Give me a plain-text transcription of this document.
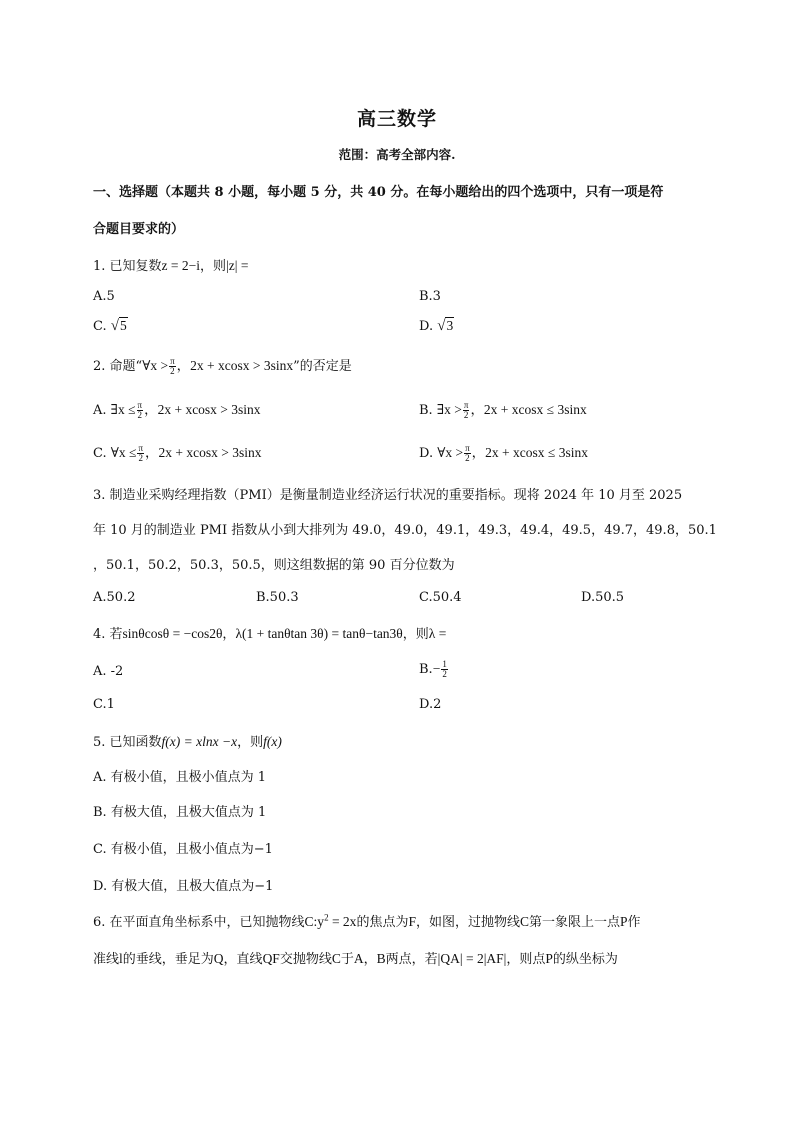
高三数学
范围：高考全部内容.
一、选择题（本题共 8 小题，每小题 5 分，共 40 分。在每小题给出的四个选项中，只有一项是符
合题目要求的）
1. 已知复数z = 2−i，则|z| =
A.5	B.3
C. √5	D. √3
2. 命题“∀x > $\frac{\pi}{2}$ ，2x + xcosx > 3sinx”的否定是
A. ∃x ≤ $\frac{\pi}{2}$ ，2x + xcosx > 3sinx	B. ∃x > $\frac{\pi}{2}$ ，2x + xcosx ≤ 3sinx
C. ∀x ≤ $\frac{\pi}{2}$ ，2x + xcosx > 3sinx	D. ∀x > $\frac{\pi}{2}$ ，2x + xcosx ≤ 3sinx
3. 制造业采购经理指数（PMI）是衡量制造业经济运行状况的重要指标。现将 2024 年 10 月至 2025
年 10 月的制造业 PMI 指数从小到大排列为 49.0，49.0，49.1，49.3，49.4，49.5，49.7，49.8，50.1
，50.1，50.2，50.3，50.5，则这组数据的第 90 百分位数为
A.50.2	B.50.3	C.50.4	D.50.5
4. 若sinθcosθ = −cos2θ，λ(1 + tanθtan 3θ) = tanθ−tan3θ，则λ =
A. -2	$B.- \frac{1}{2}$
C.1	D.2
5. 已知函数f(x) = xlnx −x，则f(x)
A. 有极小值，且极小值点为 1
B. 有极大值，且极大值点为 1
C. 有极小值，且极小值点为−1
D. 有极大值，且极大值点为−1
6. 在平面直角坐标系中，已知抛物线$C:y^2 = 2x$的焦点为F，如图，过抛物线C第一象限上一点P作
准线l的垂线，垂足为Q，直线QF交抛物线C于A，B两点，若|QA| = 2|AF|，则点P的纵坐标为
